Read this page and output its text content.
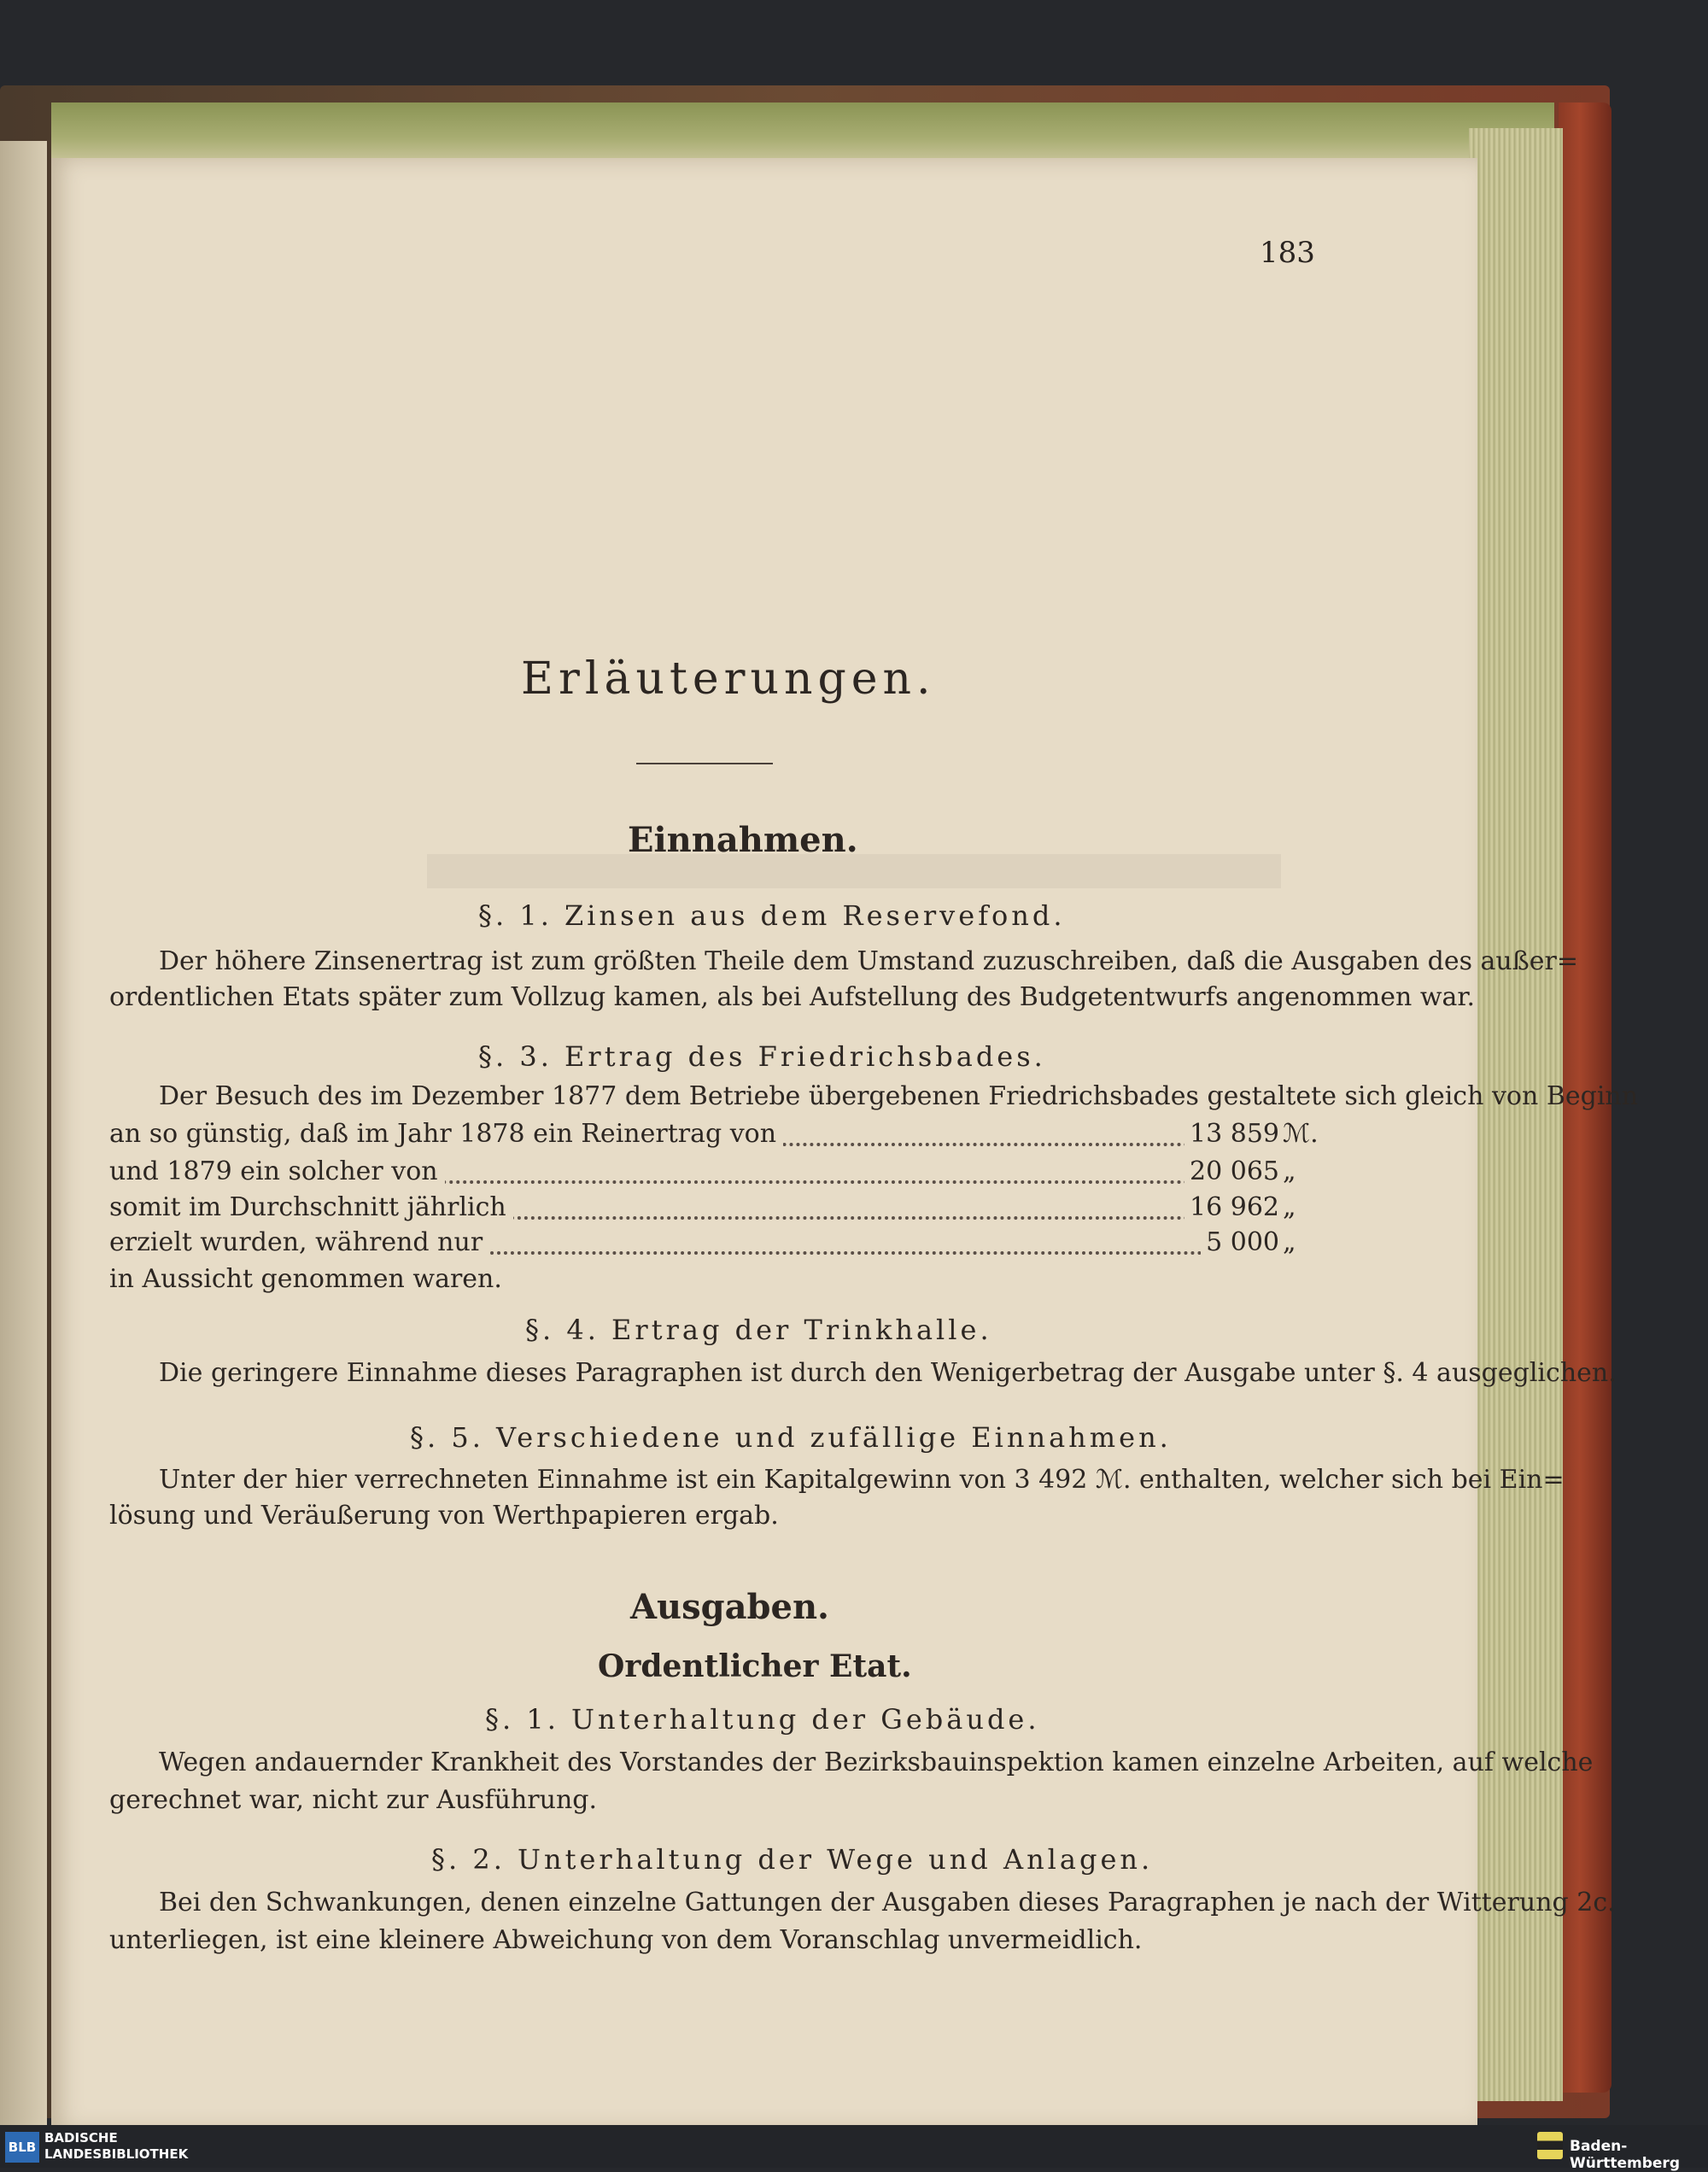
183
Erläuterungen.
Einnahmen.
§. 1. Zinsen aus dem Reservefond.
Der höhere Zinsenertrag ist zum größten Theile dem Umstand zuzuschreiben, daß die Ausgaben des außer=
ordentlichen Etats später zum Vollzug kamen, als bei Aufstellung des Budgetentwurfs angenommen war.
§. 3. Ertrag des Friedrichsbades.
Der Besuch des im Dezember 1877 dem Betriebe übergebenen Friedrichsbades gestaltete sich gleich von Beginn
an so günstig, daß im Jahr 1878 ein Reinertrag von	13 859 ℳ.
und 1879 ein solcher von	20 065 „
somit im Durchschnitt jährlich	16 962 „
erzielt wurden, während nur	5 000 „
in Aussicht genommen waren.
§. 4. Ertrag der Trinkhalle.
Die geringere Einnahme dieses Paragraphen ist durch den Wenigerbetrag der Ausgabe unter §. 4 ausgeglichen.
§. 5. Verschiedene und zufällige Einnahmen.
Unter der hier verrechneten Einnahme ist ein Kapitalgewinn von 3 492 ℳ. enthalten, welcher sich bei Ein=
lösung und Veräußerung von Werthpapieren ergab.
Ausgaben.
Ordentlicher Etat.
§. 1. Unterhaltung der Gebäude.
Wegen andauernder Krankheit des Vorstandes der Bezirksbauinspektion kamen einzelne Arbeiten, auf welche
gerechnet war, nicht zur Ausführung.
§. 2. Unterhaltung der Wege und Anlagen.
Bei den Schwankungen, denen einzelne Gattungen der Ausgaben dieses Paragraphen je nach der Witterung 2c.
unterliegen, ist eine kleinere Abweichung von dem Voranschlag unvermeidlich.
BLB
BADISCHE
LANDESBIBLIOTHEK	Baden-Württemberg
